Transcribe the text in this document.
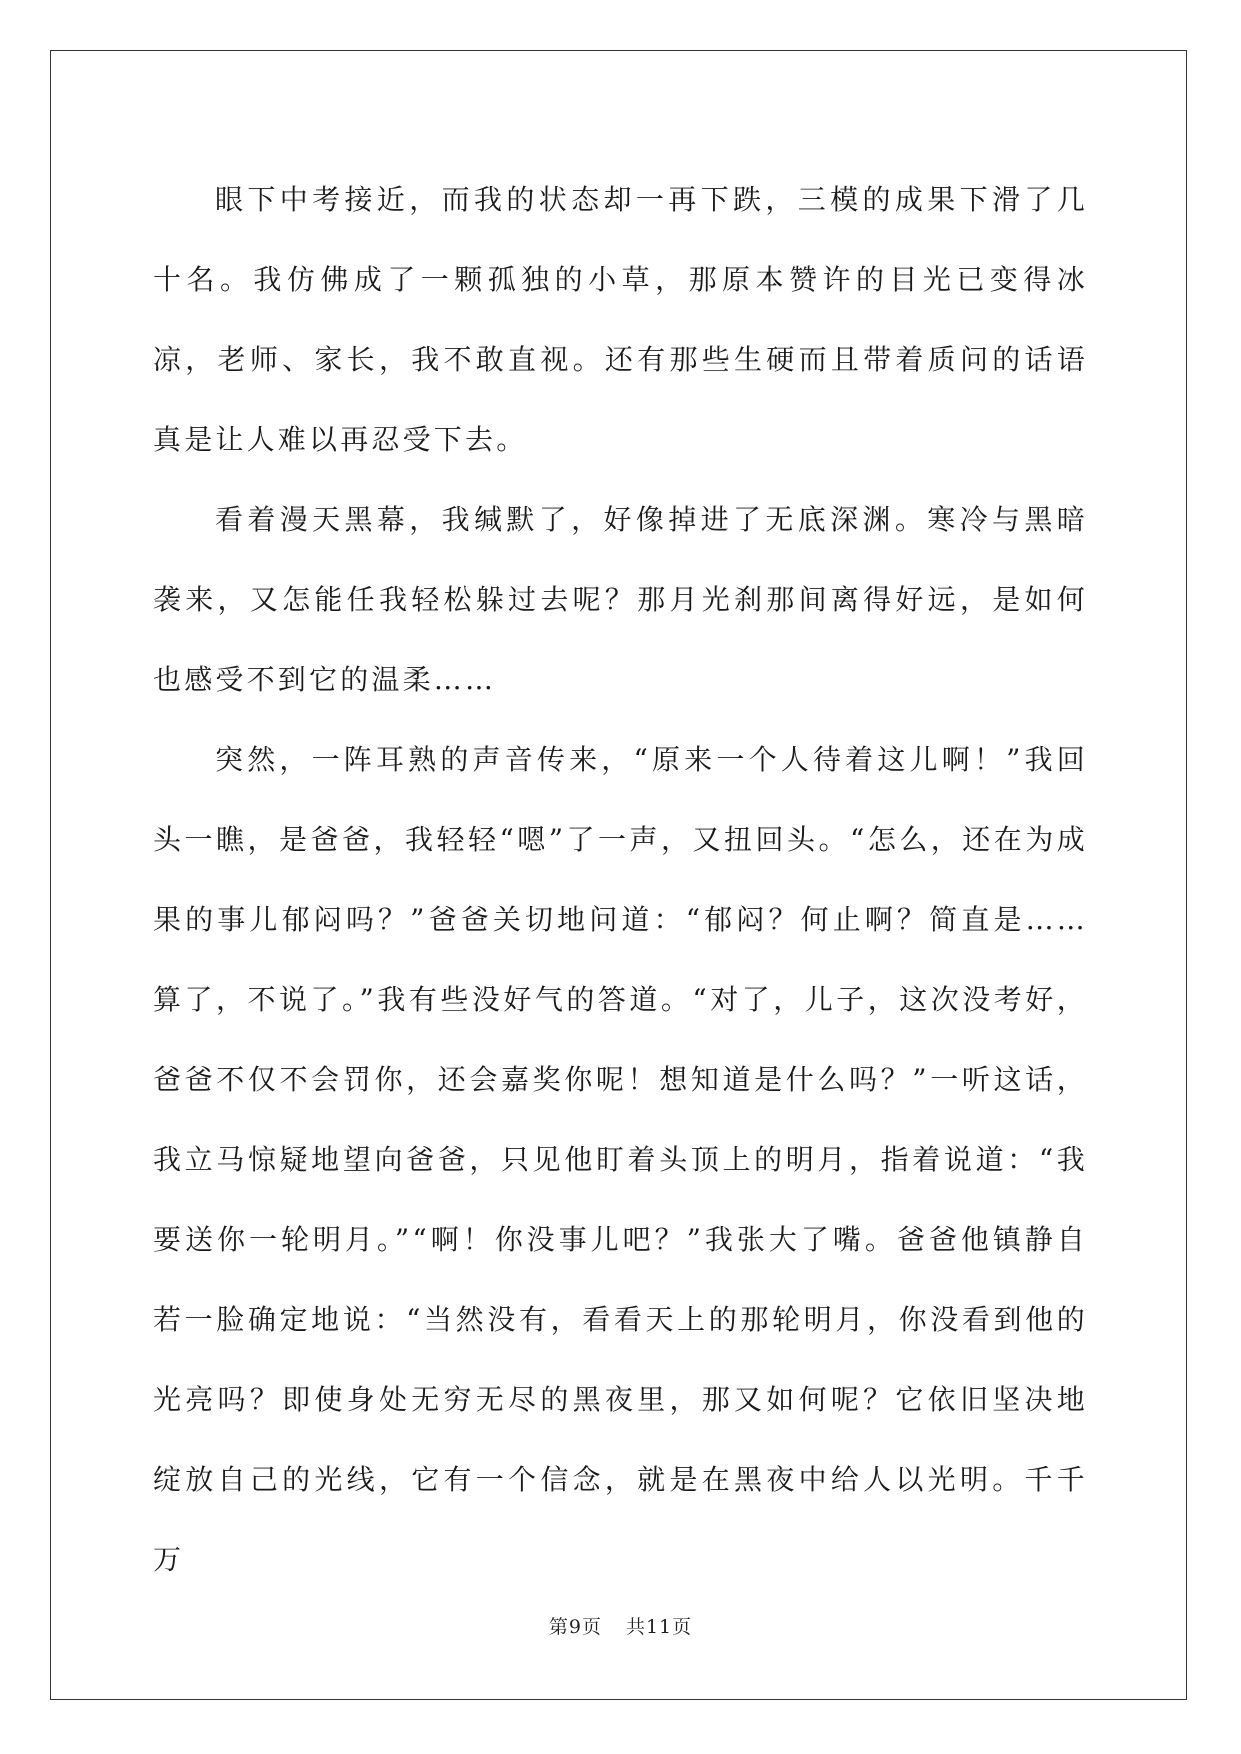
眼下中考接近，而我的状态却一再下跌，三模的成果下滑了几十名。我仿佛成了一颗孤独的小草，那原本赞许的目光已变得冰凉，老师、家长，我不敢直视。还有那些生硬而且带着质问的话语真是让人难以再忍受下去。

看着漫天黑幕，我缄默了，好像掉进了无底深渊。寒冷与黑暗袭来，又怎能任我轻松躲过去呢？那月光刹那间离得好远，是如何也感受不到它的温柔……

突然，一阵耳熟的声音传来，“原来一个人待着这儿啊！”我回头一瞧，是爸爸，我轻轻“嗯”了一声，又扭回头。“怎么，还在为成果的事儿郁闷吗？”爸爸关切地问道：“郁闷？何止啊？简直是……算了，不说了。”我有些没好气的答道。“对了，儿子，这次没考好，爸爸不仅不会罚你，还会嘉奖你呢！想知道是什么吗？”一听这话，我立马惊疑地望向爸爸，只见他盯着头顶上的明月，指着说道：“我要送你一轮明月。”“啊！你没事儿吧？”我张大了嘴。爸爸他镇静自若一脸确定地说：“当然没有，看看天上的那轮明月，你没看到他的光亮吗？即使身处无穷无尽的黑夜里，那又如何呢？它依旧坚决地绽放自己的光线，它有一个信念，就是在黑夜中给人以光明。千千万

第9页 共11页
